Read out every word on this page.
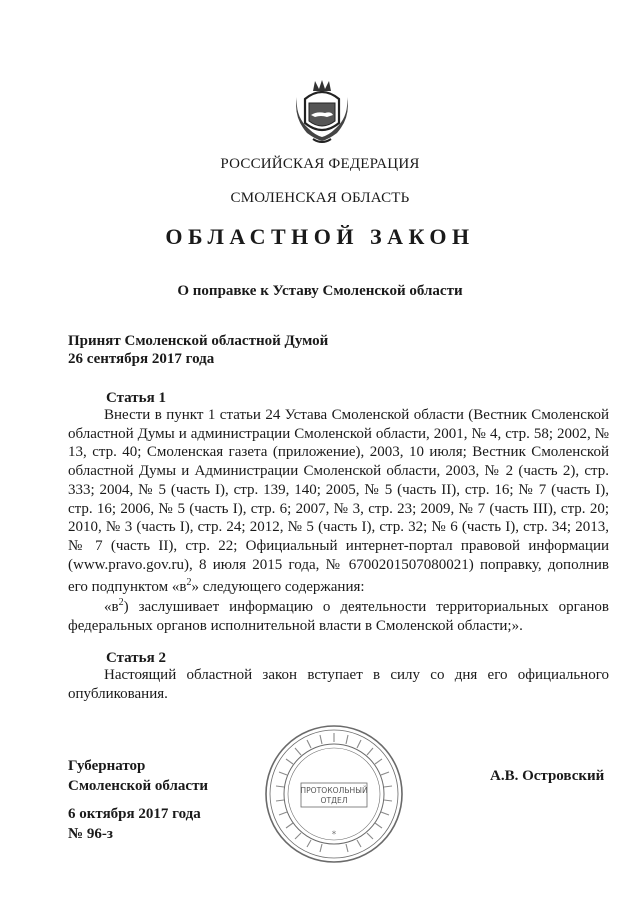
РОССИЙСКАЯ ФЕДЕРАЦИЯ
СМОЛЕНСКАЯ ОБЛАСТЬ
ОБЛАСТНОЙ ЗАКОН
О поправке к Уставу Смоленской области
Принят Смоленской областной Думой
26 сентября 2017 года
Статья 1
Внести в пункт 1 статьи 24 Устава Смоленской области (Вестник Смоленской областной Думы и администрации Смоленской области, 2001, № 4, стр. 58; 2002, № 13, стр. 40; Смоленская газета (приложение), 2003, 10 июля; Вестник Смоленской областной Думы и Администрации Смоленской области, 2003, № 2 (часть 2), стр. 333; 2004, № 5 (часть I), стр. 139, 140; 2005, № 5 (часть II), стр. 16; № 7 (часть I), стр. 16; 2006, № 5 (часть I), стр. 6; 2007, № 3, стр. 23; 2009, № 7 (часть III), стр. 20; 2010, № 3 (часть I), стр. 24; 2012, № 5 (часть I), стр. 32; № 6 (часть I), стр. 34; 2013, № 7 (часть II), стр. 22; Официальный интернет-портал правовой информации (www.pravo.gov.ru), 8 июля 2015 года, № 6700201507080021) поправку, дополнив его подпунктом «$в^2$» следующего содержания:
«$в^2$) заслушивает информацию о деятельности территориальных органов федеральных органов исполнительной власти в Смоленской области;».
Статья 2
Настоящий областной закон вступает в силу со дня его официального опубликования.
Губернатор
Смоленской области
А.В. Островский
6 октября 2017 года
№ 96-з
ПРОТОКОЛЬНЫЙ
ОТДЕЛ
*
